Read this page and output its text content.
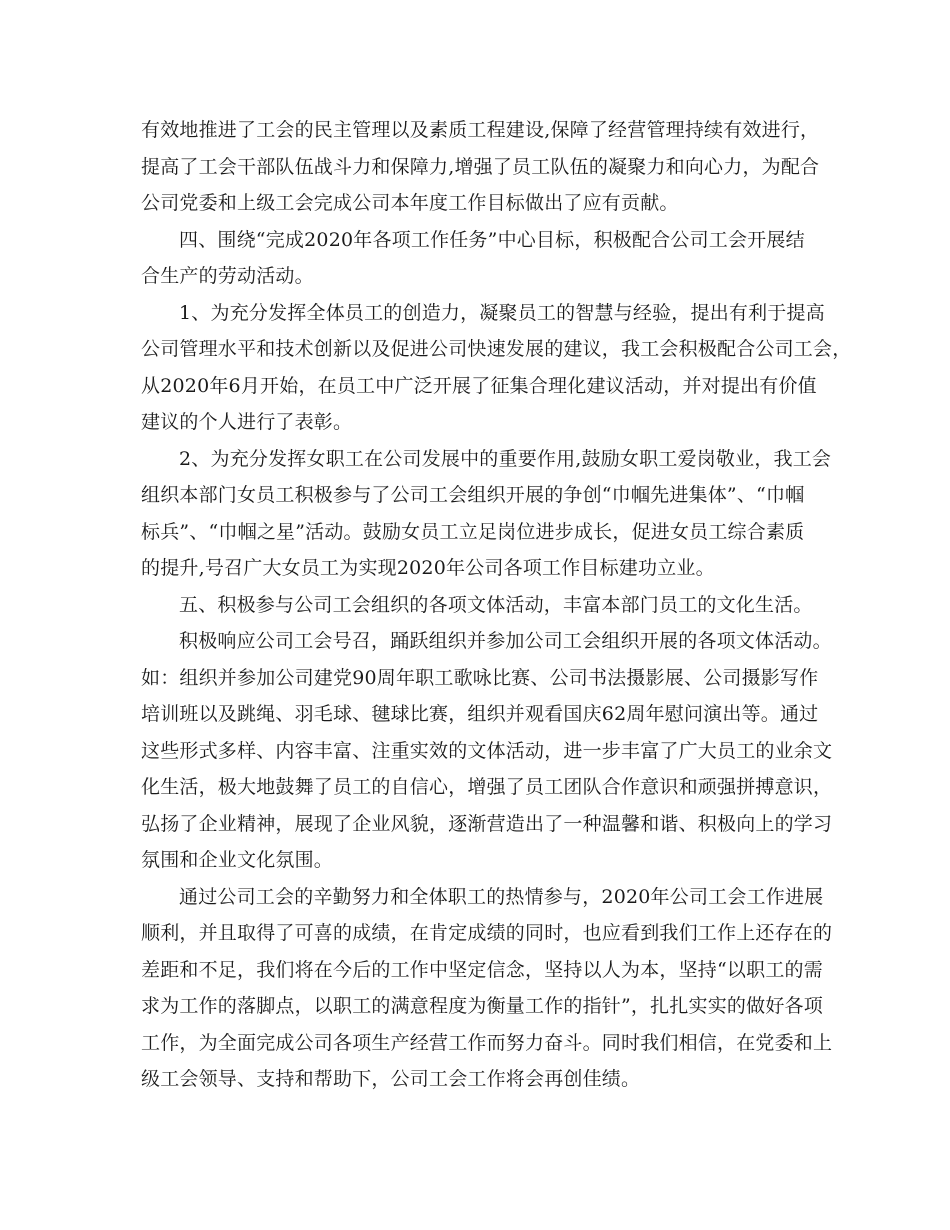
有效地推进了工会的民主管理以及素质工程建设,保障了经营管理持续有效进行，
提高了工会干部队伍战斗力和保障力,增强了员工队伍的凝聚力和向心力，为配合
公司党委和上级工会完成公司本年度工作目标做出了应有贡献。
四、围绕“完成2020年各项工作任务”中心目标，积极配合公司工会开展结
合生产的劳动活动。
1、为充分发挥全体员工的创造力，凝聚员工的智慧与经验，提出有利于提高
公司管理水平和技术创新以及促进公司快速发展的建议，我工会积极配合公司工会，
从2020年6月开始，在员工中广泛开展了征集合理化建议活动，并对提出有价值
建议的个人进行了表彰。
2、为充分发挥女职工在公司发展中的重要作用,鼓励女职工爱岗敬业，我工会
组织本部门女员工积极参与了公司工会组织开展的争创“巾帼先进集体”、“巾帼
标兵”、“巾帼之星”活动。鼓励女员工立足岗位进步成长，促进女员工综合素质
的提升,号召广大女员工为实现2020年公司各项工作目标建功立业。
五、积极参与公司工会组织的各项文体活动，丰富本部门员工的文化生活。
积极响应公司工会号召，踊跃组织并参加公司工会组织开展的各项文体活动。
如：组织并参加公司建党90周年职工歌咏比赛、公司书法摄影展、公司摄影写作
培训班以及跳绳、羽毛球、毽球比赛，组织并观看国庆62周年慰问演出等。通过
这些形式多样、内容丰富、注重实效的文体活动，进一步丰富了广大员工的业余文
化生活，极大地鼓舞了员工的自信心，增强了员工团队合作意识和顽强拼搏意识，
弘扬了企业精神，展现了企业风貌，逐渐营造出了一种温馨和谐、积极向上的学习
氛围和企业文化氛围。
通过公司工会的辛勤努力和全体职工的热情参与，2020年公司工会工作进展
顺利，并且取得了可喜的成绩，在肯定成绩的同时，也应看到我们工作上还存在的
差距和不足，我们将在今后的工作中坚定信念，坚持以人为本，坚持“以职工的需
求为工作的落脚点，以职工的满意程度为衡量工作的指针”，扎扎实实的做好各项
工作，为全面完成公司各项生产经营工作而努力奋斗。同时我们相信，在党委和上
级工会领导、支持和帮助下，公司工会工作将会再创佳绩。
